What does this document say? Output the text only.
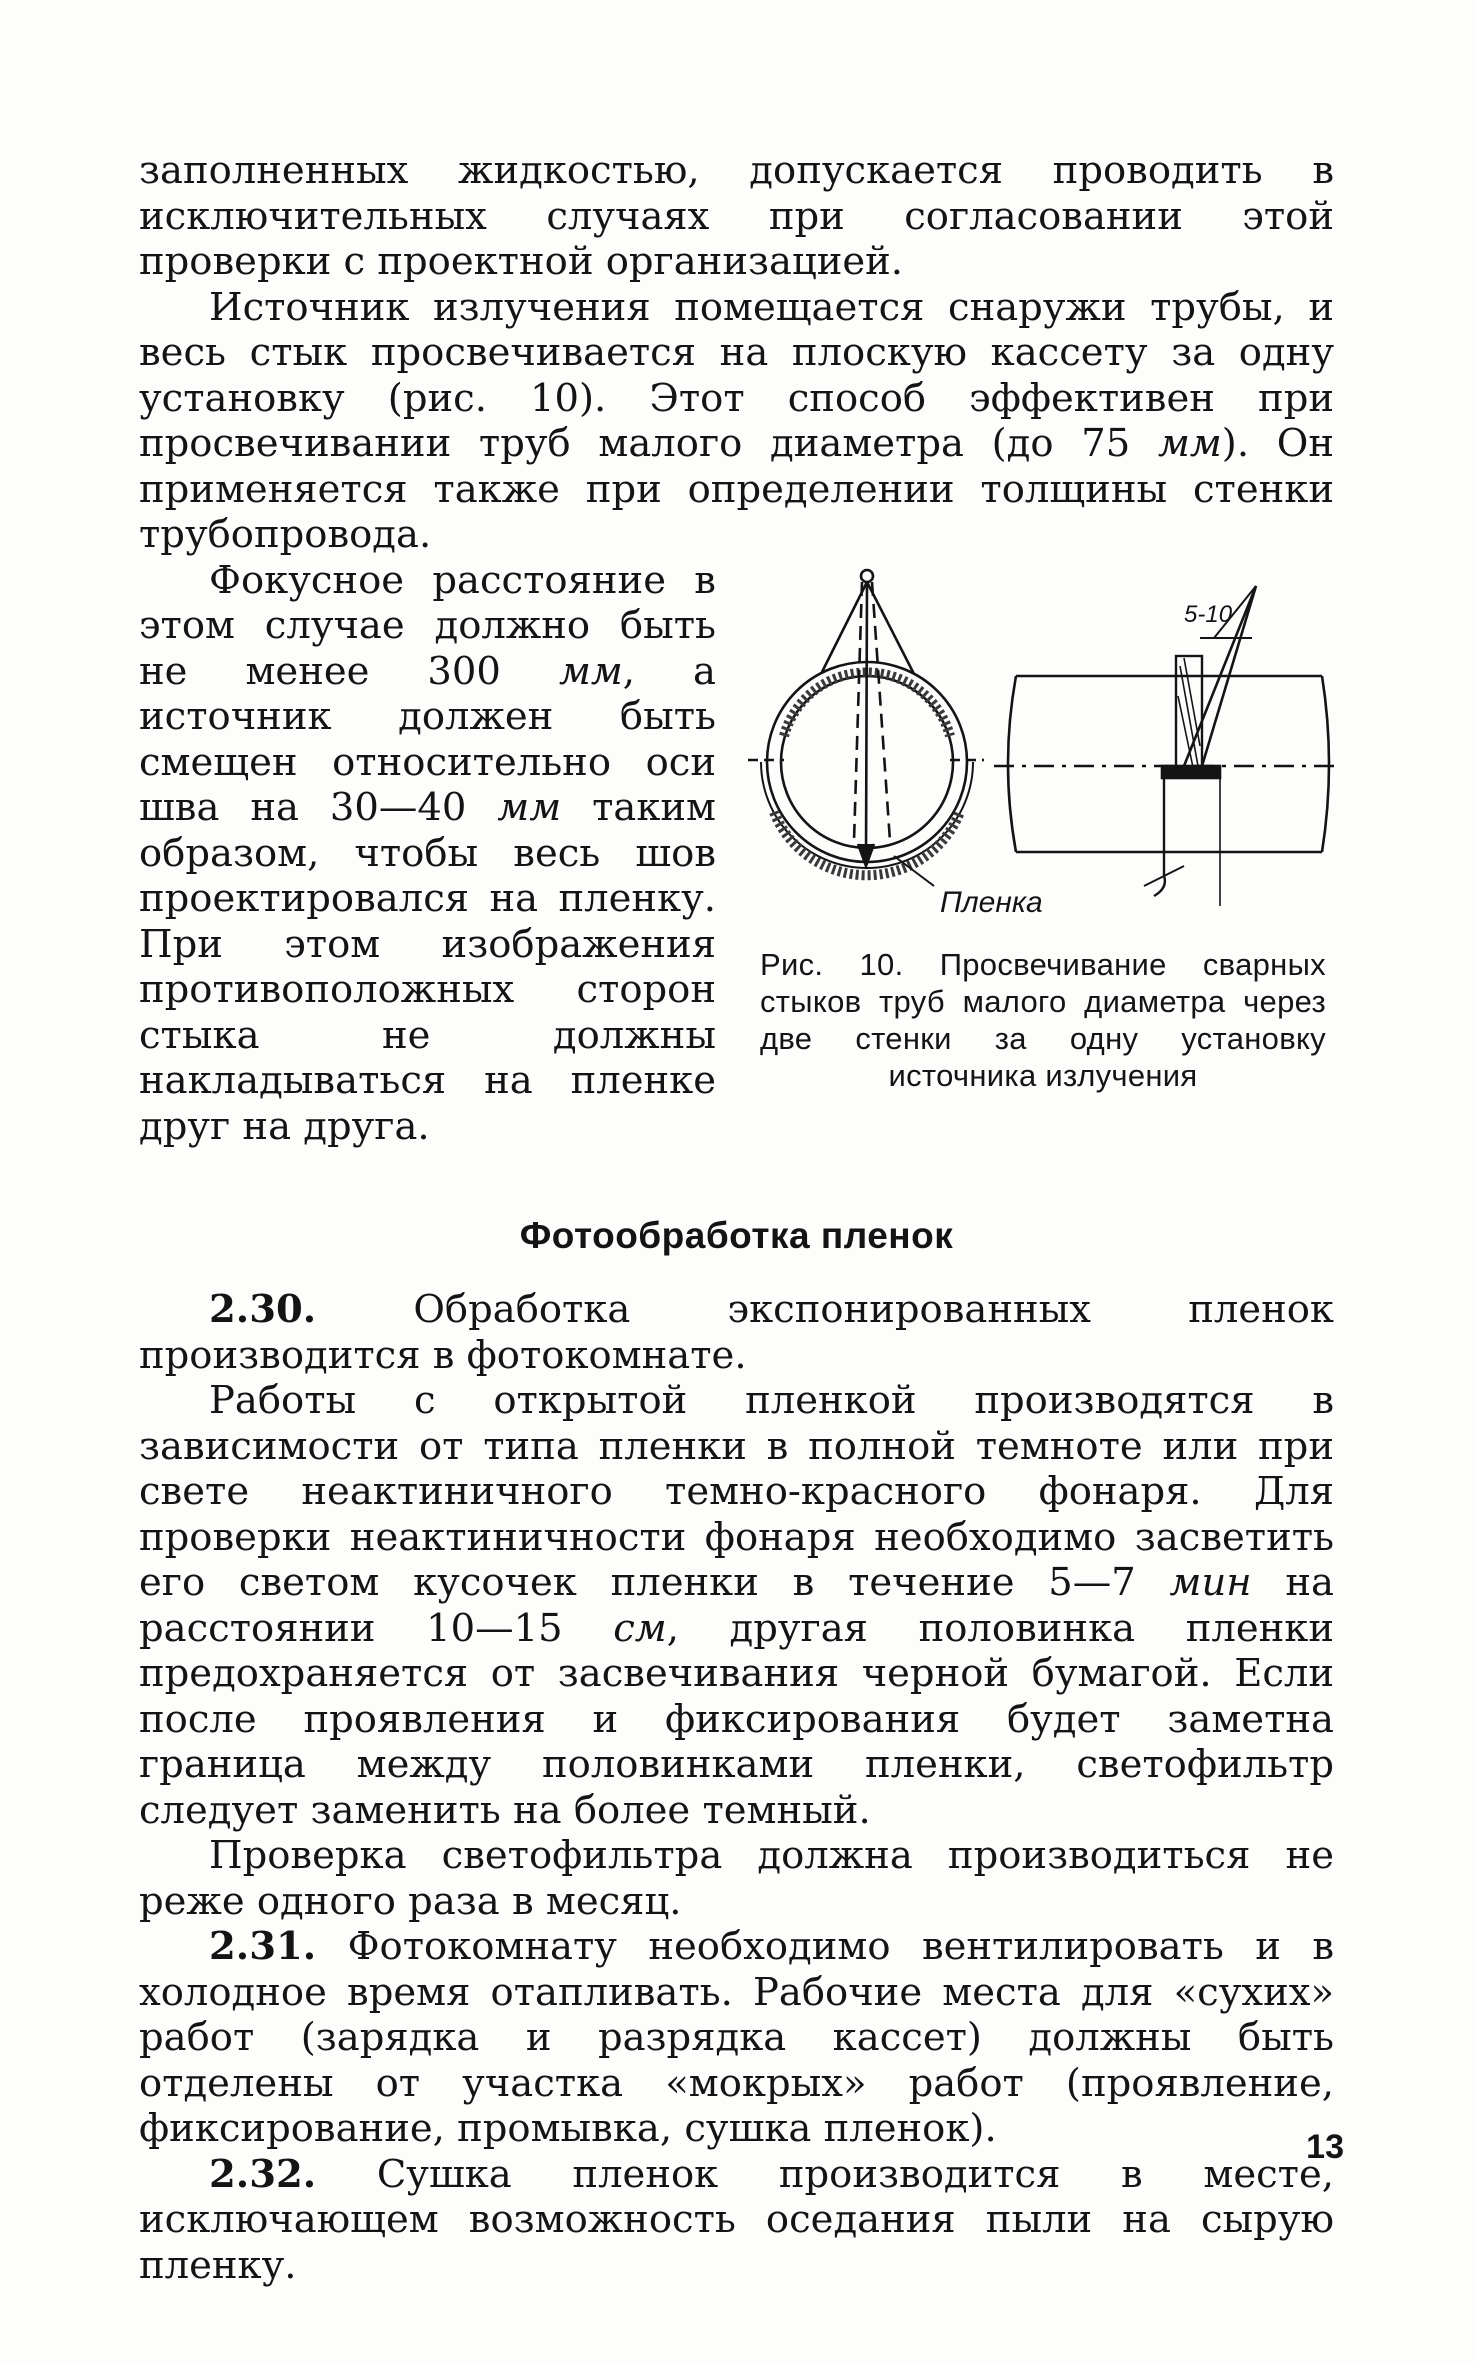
заполненных жидкостью, допускается проводить в исключительных случаях при согласовании этой проверки с проектной организацией.

Источник излучения помещается снаружи трубы, и весь стык просвечивается на плоскую кассету за одну установку (рис. 10). Этот способ эффективен при просвечивании труб малого диаметра (до 75 мм). Он применяется также при определении толщины стенки трубопровода.

5-10
Пленка
Рис. 10. Просвечивание сварных стыков труб малого диаметра через две стенки за одну установку источника излучения

Фокусное расстояние в этом случае должно быть не менее 300 мм, а источник должен быть смещен относительно оси шва на 30—40 мм таким образом, чтобы весь шов проектировался на пленку. При этом изображения противоположных сторон стыка не должны накладываться на пленке друг на друга.

Фотообработка пленок

2.30. Обработка экспонированных пленок производится в фотокомнате.

Работы с открытой пленкой производятся в зависимости от типа пленки в полной темноте или при свете неактиничного темно-красного фонаря. Для проверки неактиничности фонаря необходимо засветить его светом кусочек пленки в течение 5—7 мин на расстоянии 10—15 см, другая половинка пленки предохраняется от засвечивания черной бумагой. Если после проявления и фиксирования будет заметна граница между половинками пленки, светофильтр следует заменить на более темный.

Проверка светофильтра должна производиться не реже одного раза в месяц.

2.31. Фотокомнату необходимо вентилировать и в холодное время отапливать. Рабочие места для «сухих» работ (зарядка и разрядка кассет) должны быть отделены от участка «мокрых» работ (проявление, фиксирование, промывка, сушка пленок).

2.32. Сушка пленок производится в месте, исключающем возможность оседания пыли на сырую пленку.

13
